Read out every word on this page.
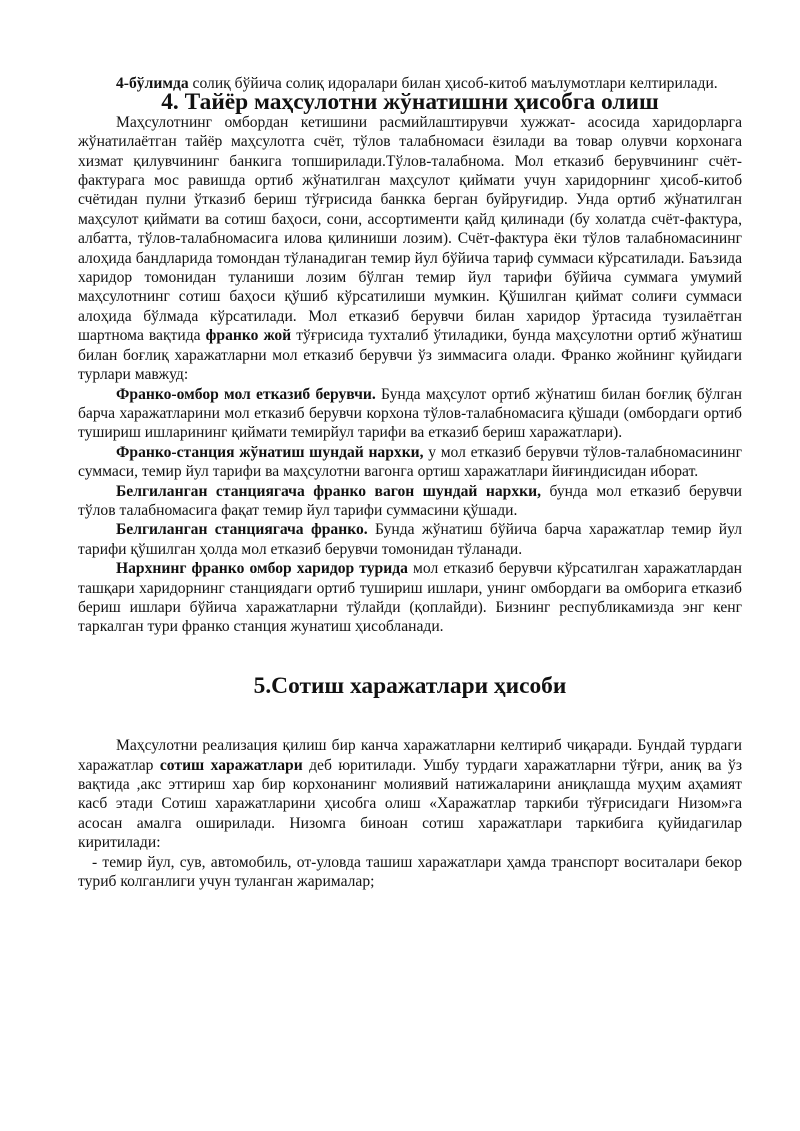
4-бўлимда солиқ бўйича солиқ идоралари билан ҳисоб-китоб маълумотлари келтирилади.

4. Тайёр маҳсулотни жўнатишни ҳисобга олиш

Маҳсулотнинг омбордан кетишини расмийлаштирувчи хужжат- асосида харидорларга жўнатилаётган тайёр маҳсулотга счёт, тўлов талабномаси ёзилади ва товар олувчи корхонага хизмат қилувчининг банкига топширилади.Тўлов-талабнома. Мол етказиб берувчининг счёт-фактурага мос равишда ортиб жўнатилган маҳсулот қиймати учун харидорнинг ҳисоб-китоб счётидан пулни ўтказиб бериш тўғрисида банкка берган буйруғидир. Унда ортиб жўнатилган маҳсулот қиймати ва сотиш баҳоси, сони, ассортименти қайд қилинади (бу холатда счёт-фактура, албатта, тўлов-талабномасига илова қилиниши лозим). Счёт-фактура ёки тўлов талабномасининг алоҳида бандларида томондан тўланадиган темир йул бўйича тариф суммаси кўрсатилади. Баъзида харидор томонидан туланиши лозим бўлган темир йул тарифи бўйича суммага умумий маҳсулотнинг сотиш баҳоси қўшиб кўрсатилиши мумкин. Қўшилган қиймат солиғи суммаси алоҳида бўлмада кўрсатилади. Мол етказиб берувчи билан харидор ўртасида тузилаётган шартнома вақтида франко жой тўғрисида тухталиб ўтиладики, бунда маҳсулотни ортиб жўнатиш билан боғлиқ харажатларни мол етказиб берувчи ўз зиммасига олади. Франко жойнинг қуйидаги турлари мавжуд:

Франко-омбор мол етказиб берувчи. Бунда маҳсулот ортиб жўнатиш билан боғлиқ бўлган барча харажатларини мол етказиб берувчи корхона тўлов-талабномасига қўшади (омбордаги ортиб тушириш ишларининг қиймати темирйул тарифи ва етказиб бериш харажатлари).

Франко-станция жўнатиш шундай нархки, у мол етказиб берувчи тўлов-талабномасининг суммаси, темир йул тарифи ва маҳсулотни вагонга ортиш харажатлари йиғиндисидан иборат.

Белгиланган станциягача франко вагон шундай нархки, бунда мол етказиб берувчи тўлов талабномасига фақат темир йул тарифи суммасини қўшади.

Белгиланган станциягача франко. Бунда жўнатиш бўйича барча харажатлар темир йул тарифи қўшилган ҳолда мол етказиб берувчи томонидан тўланади.

Нархнинг франко омбор харидор турида мол етказиб берувчи кўрсатилган харажатлардан ташқари харидорнинг станциядаги ортиб тушириш ишлари, унинг омбордаги ва омборига етказиб бериш ишлари бўйича харажатларни тўлайди (қоплайди). Бизнинг республикамизда энг кенг таркалган тури франко станция жунатиш ҳисобланади.

5.Сотиш харажатлари ҳисоби

Маҳсулотни реализация қилиш бир канча харажатларни келтириб чиқаради. Бундай турдаги харажатлар сотиш харажатлари деб юритилади. Ушбу турдаги харажатларни тўғри, аниқ ва ўз вақтида ,акс эттириш хар бир корхонанинг молиявий натижаларини аниқлашда муҳим аҳамият касб этади Сотиш харажатларини ҳисобга олиш «Харажатлар таркиби тўғрисидаги Низом»га асосан амалга оширилади. Низомга биноан сотиш харажатлари таркибига қуйидагилар киритилади:

- темир йул, сув, автомобиль, от-уловда ташиш харажатлари ҳамда транспорт воситалари бекор туриб колганлиги учун туланган жарималар;
